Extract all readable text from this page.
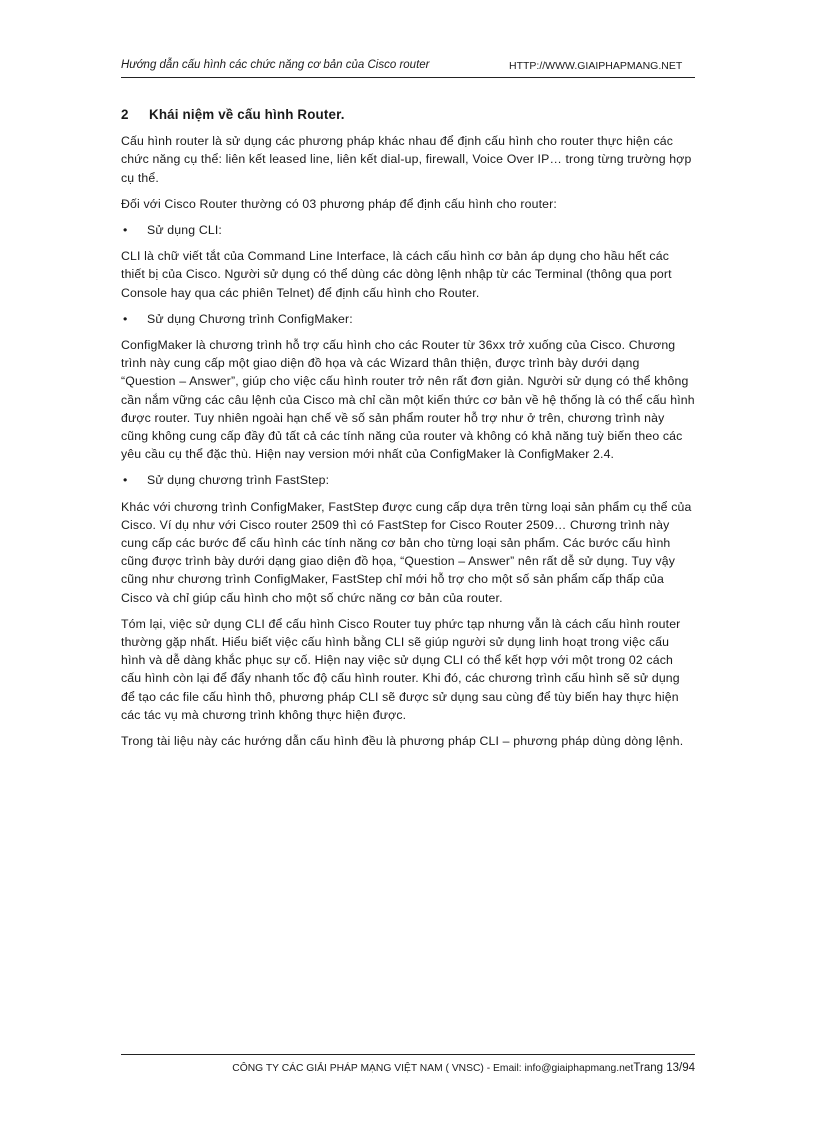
Hướng dẫn cấu hình các chức năng cơ bản của Cisco router	HTTP://WWW.GIAIPHAPMANG.NET
2 Khái niệm về cấu hình Router.

Cấu hình router là sử dụng các phương pháp khác nhau để định cấu hình cho router thực hiện các chức năng cụ thể: liên kết leased line, liên kết dial-up, firewall, Voice Over IP… trong từng trường hợp cụ thể.

Đối với Cisco Router thường có 03 phương pháp để định cấu hình cho router:

• Sử dụng CLI:

CLI là chữ viết tắt của Command Line Interface, là cách cấu hình cơ bản áp dụng cho hầu hết các thiết bị của Cisco. Người sử dụng có thể dùng các dòng lệnh nhập từ các Terminal (thông qua port Console hay qua các phiên Telnet) để định cấu hình cho Router.

• Sử dụng Chương trình ConfigMaker:

ConfigMaker là chương trình hỗ trợ cấu hình cho các Router từ 36xx trở xuống của Cisco. Chương trình này cung cấp một giao diện đồ họa và các Wizard thân thiện, được trình bày dưới dạng “Question – Answer”, giúp cho việc cấu hình router trở nên rất đơn giản. Người sử dụng có thể không cần nắm vững các câu lệnh của Cisco mà chỉ cần một kiến thức cơ bản về hệ thống là có thể cấu hình được router. Tuy nhiên ngoài hạn chế về số sản phẩm router hỗ trợ như ở trên, chương trình này cũng không cung cấp đầy đủ tất cả các tính năng của router và không có khả năng tuỳ biến theo các yêu cầu cụ thể đặc thù. Hiện nay version mới nhất của ConfigMaker là ConfigMaker 2.4.

• Sử dụng chương trình FastStep:

Khác với chương trình ConfigMaker, FastStep được cung cấp dựa trên từng loại sản phẩm cụ thể của Cisco. Ví dụ như với Cisco router 2509 thì có FastStep for Cisco Router 2509… Chương trình này cung cấp các bước để cấu hình các tính năng cơ bản cho từng loại sản phẩm. Các bước cấu hình cũng được trình bày dưới dạng giao diện đồ họa, “Question – Answer” nên rất dễ sử dụng. Tuy vậy cũng như chương trình ConfigMaker, FastStep chỉ mới hỗ trợ cho một số sản phẩm cấp thấp của Cisco và chỉ giúp cấu hình cho một số chức năng cơ bản của router.

Tóm lại, việc sử dụng CLI để cấu hình Cisco Router tuy phức tạp nhưng vẫn là cách cấu hình router thường gặp nhất. Hiểu biết việc cấu hình bằng CLI sẽ giúp người sử dụng linh hoạt trong việc cấu hình và dễ dàng khắc phục sự cố. Hiện nay việc sử dụng CLI có thể kết hợp với một trong 02 cách cấu hình còn lại để đẩy nhanh tốc độ cấu hình router. Khi đó, các chương trình cấu hình sẽ sử dụng để tạo các file cấu hình thô, phương pháp CLI sẽ được sử dụng sau cùng để tùy biến hay thực hiện các tác vụ mà chương trình không thực hiện được.

Trong tài liệu này các hướng dẫn cấu hình đều là phương pháp CLI – phương pháp dùng dòng lệnh.

CÔNG TY CÁC GIẢI PHÁP MẠNG VIỆT NAM ( VNSC) - Email: info@giaiphapmang.netTrang 13/94
